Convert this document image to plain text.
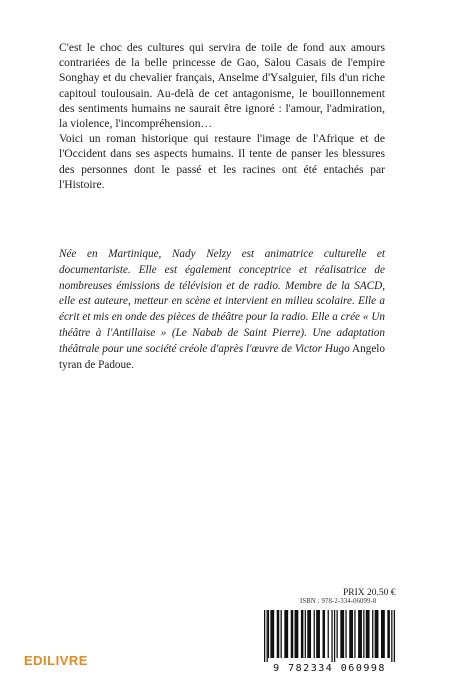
C'est le choc des cultures qui servira de toile de fond aux amours contrariées de la belle princesse de Gao, Salou Casais de l'empire Songhay et du chevalier français, Anselme d'Ysalguier, fils d'un riche capitoul toulousain. Au-delà de cet antagonisme, le bouillonnement des sentiments humains ne saurait être ignoré : l'amour, l'admiration, la violence, l'incompréhension…

Voici un roman historique qui restaure l'image de l'Afrique et de l'Occident dans ses aspects humains. Il tente de panser les blessures des personnes dont le passé et les racines ont été entachés par l'Histoire.

Née en Martinique, Nady Nelzy est animatrice culturelle et documentariste. Elle est également conceptrice et réalisatrice de nombreuses émissions de télévision et de radio. Membre de la SACD, elle est auteure, metteur en scène et intervient en milieu scolaire. Elle a écrit et mis en onde des pièces de théâtre pour la radio. Elle a crée « Un théâtre à l'Antillaise » (Le Nabab de Saint Pierre). Une adaptation théâtrale pour une société créole d'après l'œuvre de Victor Hugo Angelo tyran de Padoue.
PRIX 20.50 €
ISBN : 978-2-334-06099-8
9 782334 060998
EDILIVRE
